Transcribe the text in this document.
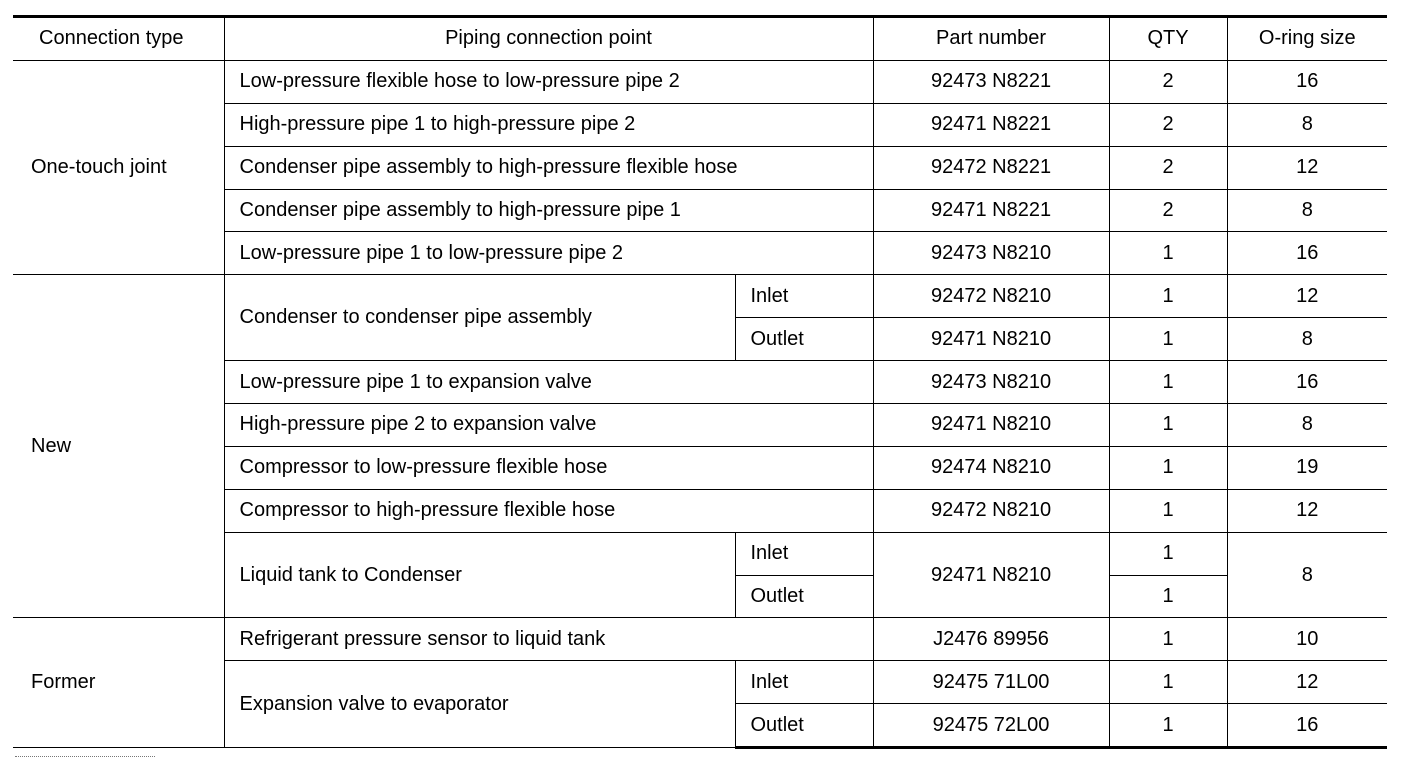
Connection type	Piping connection point		Part number	QTY	O-ring size
One-touch joint	Low-pressure flexible hose to low-pressure pipe 2		92473 N8221	2	16
	High-pressure pipe 1 to high-pressure pipe 2		92471 N8221	2	8
	Condenser pipe assembly to high-pressure flexible hose		92472 N8221	2	12
	Condenser pipe assembly to high-pressure pipe 1		92471 N8221	2	8
	Low-pressure pipe 1 to low-pressure pipe 2		92473 N8210	1	16
New	Condenser to condenser pipe assembly	Inlet	92472 N8210	1	12
		Outlet	92471 N8210	1	8
	Low-pressure pipe 1 to expansion valve		92473 N8210	1	16
	High-pressure pipe 2 to expansion valve		92471 N8210	1	8
	Compressor to low-pressure flexible hose		92474 N8210	1	19
	Compressor to high-pressure flexible hose		92472 N8210	1	12
	Liquid tank to Condenser	Inlet	92471 N8210	1	8
		Outlet		1	
Former	Refrigerant pressure sensor to liquid tank		J2476 89956	1	10
	Expansion valve to evaporator	Inlet	92475 71L00	1	12
		Outlet	92475 72L00	1	16
